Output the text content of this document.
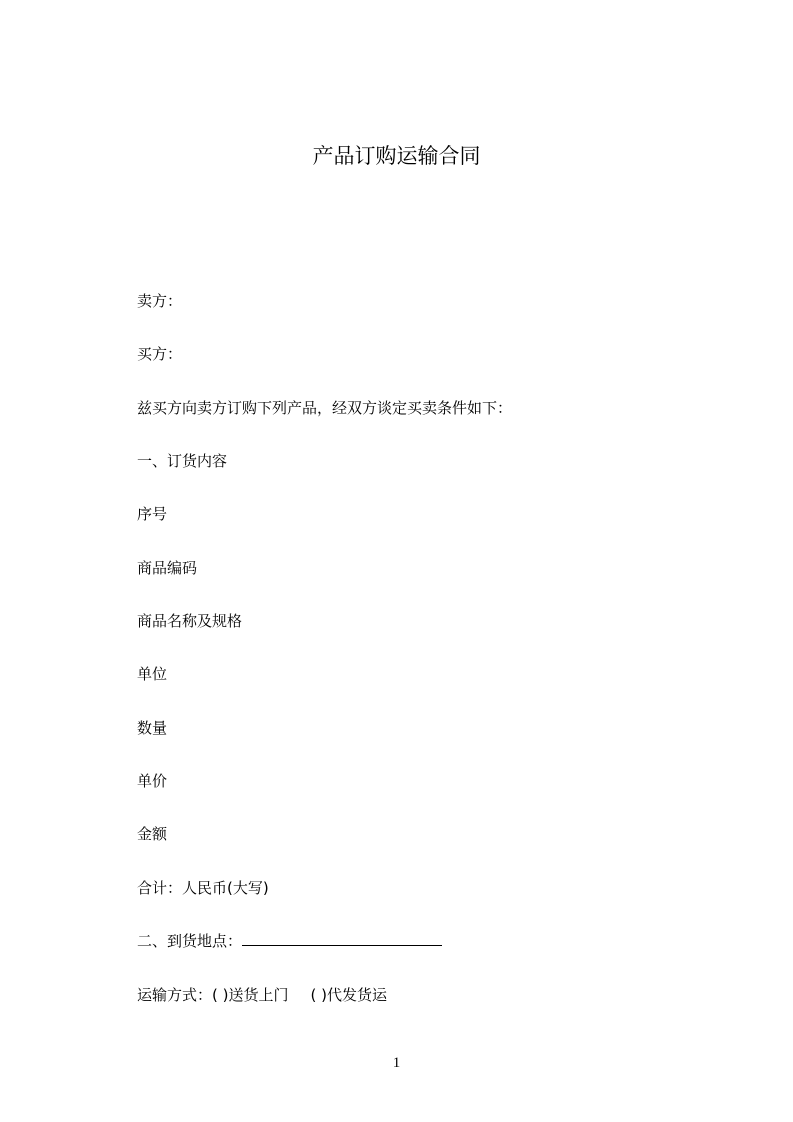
产品订购运输合同
卖方：
买方：
兹买方向卖方订购下列产品，经双方谈定买卖条件如下：
一、订货内容
序号
商品编码
商品名称及规格
单位
数量
单价
金额
合计：人民币(大写)
二、到货地点：
运输方式：( )送货上门 ( )代发货运
1
